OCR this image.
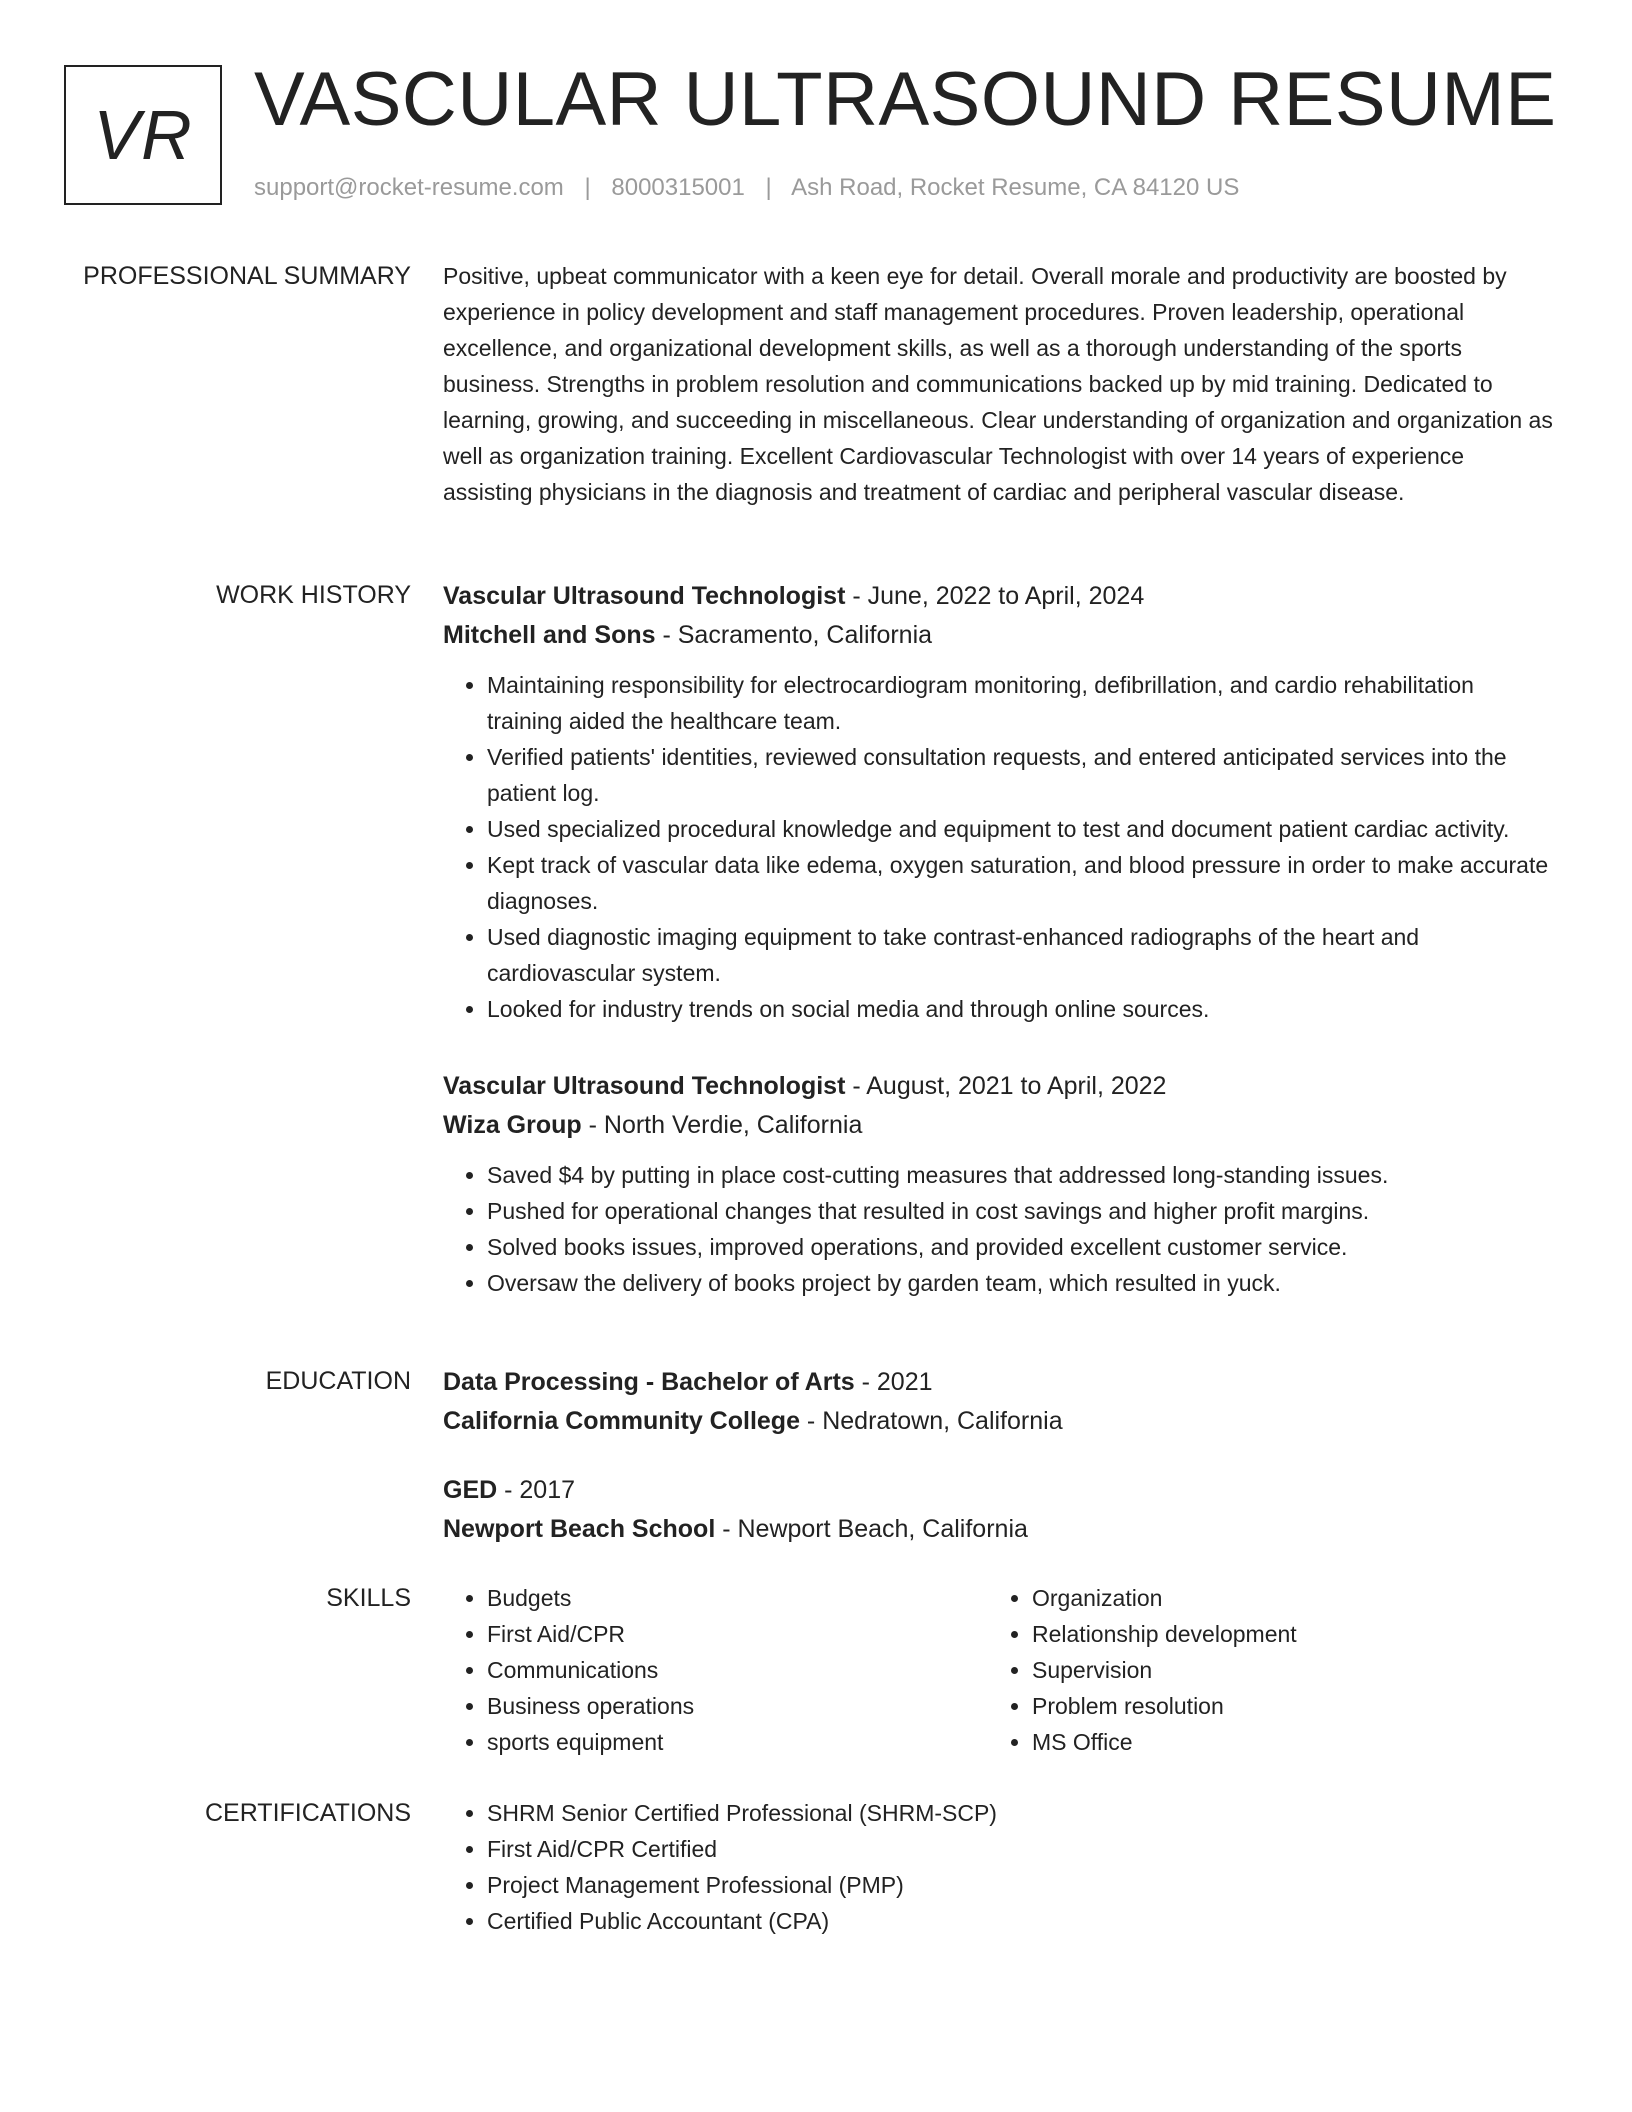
VR VASCULAR ULTRASOUND RESUME
support@rocket-resume.com | 8000315001 | Ash Road, Rocket Resume, CA 84120 US
PROFESSIONAL SUMMARY Positive, upbeat communicator with a keen eye for detail. Overall morale and productivity are boosted by experience in policy development and staff management procedures. Proven leadership, operational excellence, and organizational development skills, as well as a thorough understanding of the sports business. Strengths in problem resolution and communications backed up by mid training. Dedicated to learning, growing, and succeeding in miscellaneous. Clear understanding of organization and organization as well as organization training. Excellent Cardiovascular Technologist with over 14 years of experience assisting physicians in the diagnosis and treatment of cardiac and peripheral vascular disease.

WORK HISTORY Vascular Ultrasound Technologist - June, 2022 to April, 2024
Mitchell and Sons - Sacramento, California
• Maintaining responsibility for electrocardiogram monitoring, defibrillation, and cardio rehabilitation training aided the healthcare team.
• Verified patients' identities, reviewed consultation requests, and entered anticipated services into the patient log.
• Used specialized procedural knowledge and equipment to test and document patient cardiac activity.
• Kept track of vascular data like edema, oxygen saturation, and blood pressure in order to make accurate diagnoses.
• Used diagnostic imaging equipment to take contrast-enhanced radiographs of the heart and cardiovascular system.
• Looked for industry trends on social media and through online sources.
Vascular Ultrasound Technologist - August, 2021 to April, 2022
Wiza Group - North Verdie, California
• Saved $4 by putting in place cost-cutting measures that addressed long-standing issues.
• Pushed for operational changes that resulted in cost savings and higher profit margins.
• Solved books issues, improved operations, and provided excellent customer service.
• Oversaw the delivery of books project by garden team, which resulted in yuck.
EDUCATION Data Processing - Bachelor of Arts - 2021
California Community College - Nedratown, California
GED - 2017
Newport Beach School - Newport Beach, California
SKILLS	• Budgets
• First Aid/CPR
• Communications
• Business operations
• sports equipment
• Organization
• Relationship development
• Supervision
• Problem resolution
• MS Office
CERTIFICATIONS	• SHRM Senior Certified Professional (SHRM-SCP)
• First Aid/CPR Certified
• Project Management Professional (PMP)
• Certified Public Accountant (CPA)
